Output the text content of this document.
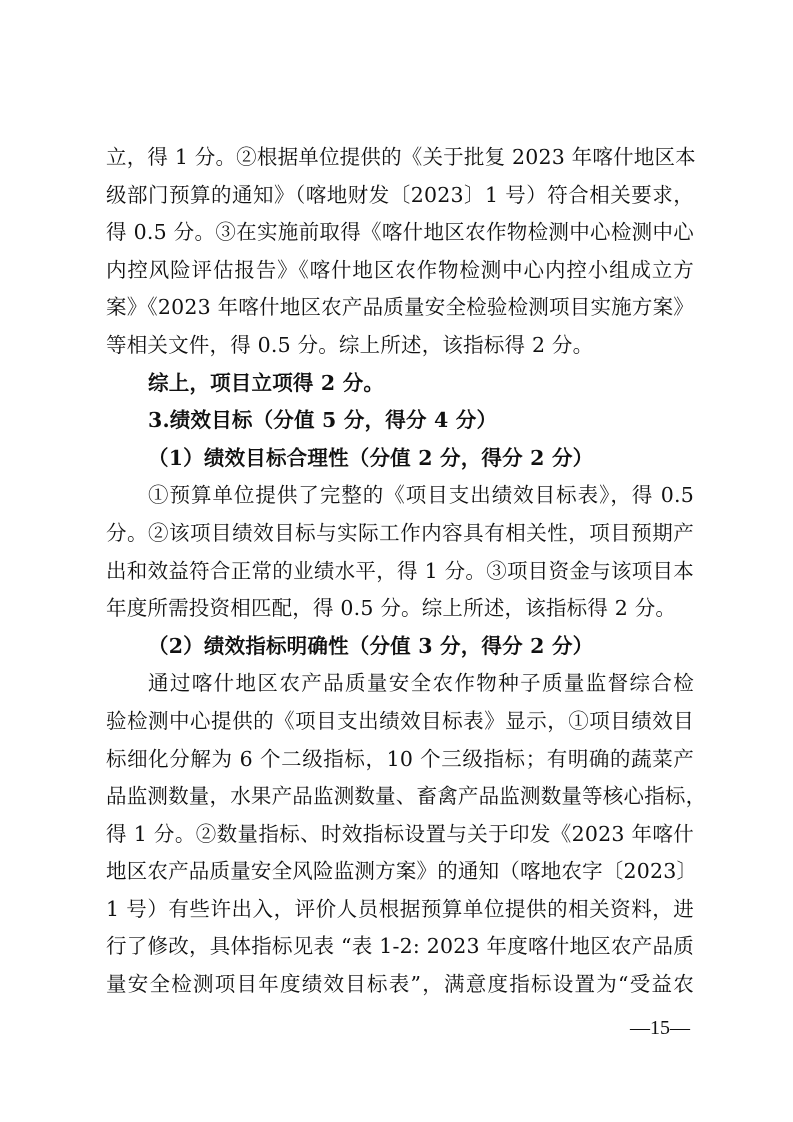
立，得 1 分。②根据单位提供的《关于批复 2023 年喀什地区本
级部门预算的通知》（喀地财发〔2023〕1 号）符合相关要求，
得 0.5 分。③在实施前取得《喀什地区农作物检测中心检测中心
内控风险评估报告》《喀什地区农作物检测中心内控小组成立方
案》《2023 年喀什地区农产品质量安全检验检测项目实施方案》
等相关文件，得 0.5 分。综上所述，该指标得 2 分。
综上，项目立项得 2 分。
3.绩效目标（分值 5 分，得分 4 分）
（1）绩效目标合理性（分值 2 分，得分 2 分）
①预算单位提供了完整的《项目支出绩效目标表》，得 0.5
分。②该项目绩效目标与实际工作内容具有相关性，项目预期产
出和效益符合正常的业绩水平，得 1 分。③项目资金与该项目本
年度所需投资相匹配，得 0.5 分。综上所述，该指标得 2 分。
（2）绩效指标明确性（分值 3 分，得分 2 分）
通过喀什地区农产品质量安全农作物种子质量监督综合检
验检测中心提供的《项目支出绩效目标表》显示，①项目绩效目
标细化分解为 6 个二级指标，10 个三级指标；有明确的蔬菜产
品监测数量，水果产品监测数量、畜禽产品监测数量等核心指标，
得 1 分。②数量指标、时效指标设置与关于印发《2023 年喀什
地区农产品质量安全风险监测方案》的通知（喀地农字〔2023〕
1 号）有些许出入，评价人员根据预算单位提供的相关资料，进
行了修改，具体指标见表 “表 1-2: 2023 年度喀什地区农产品质
量安全检测项目年度绩效目标表”，满意度指标设置为“受益农
—15—
